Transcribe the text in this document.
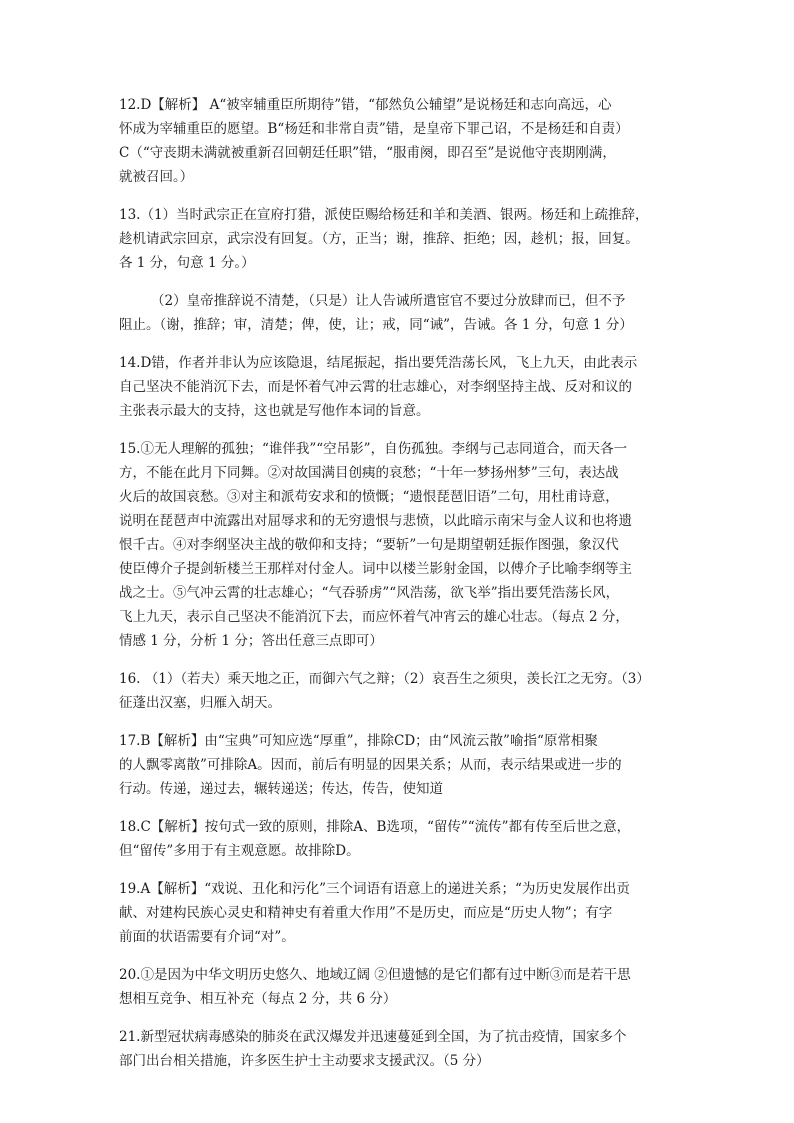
12.D【解析】 A“被宰辅重臣所期待”错，“郁然负公辅望”是说杨廷和志向高远，心
怀成为宰辅重臣的愿望。B“杨廷和非常自责”错，是皇帝下罪己诏，不是杨廷和自责）
C（“守丧期未满就被重新召回朝廷任职”错，“服甫阕，即召至”是说他守丧期刚满，
就被召回。）
13.（1）当时武宗正在宣府打猎，派使臣赐给杨廷和羊和美酒、银两。杨廷和上疏推辞，
趁机请武宗回京，武宗没有回复。（方，正当；谢，推辞、拒绝；因，趁机；报，回复。
各 1 分，句意 1 分。）
（2）皇帝推辞说不清楚，（只是）让人告诫所遣宦官不要过分放肆而已，但不予
阻止。（谢，推辞；审，清楚；俾，使，让；戒，同“诫”，告诫。各 1 分，句意 1 分）
14.D错，作者并非认为应该隐退，结尾振起，指出要凭浩荡长风，飞上九天，由此表示
自己坚决不能消沉下去，而是怀着气冲云霄的壮志雄心，对李纲坚持主战、反对和议的
主张表示最大的支持，这也就是写他作本词的旨意。
15.①无人理解的孤独；“谁伴我”“空吊影”，自伤孤独。李纲与己志同道合，而天各一
方，不能在此月下同舞。②对故国满目创痍的哀愁；“十年一梦扬州梦”三句，表达战
火后的故国哀愁。③对主和派苟安求和的愤慨；“遗恨琵琶旧语”二句，用杜甫诗意，
说明在琵琶声中流露出对屈辱求和的无穷遗恨与悲愤，以此暗示南宋与金人议和也将遗
恨千古。④对李纲坚决主战的敬仰和支持；“要斩”一句是期望朝廷振作图强，象汉代
使臣傅介子提剑斩楼兰王那样对付金人。词中以楼兰影射金国，以傅介子比喻李纲等主
战之士。⑤气冲云霄的壮志雄心；“气吞骄虏”“风浩荡，欲飞举”指出要凭浩荡长风，
飞上九天，表示自己坚决不能消沉下去，而应怀着气冲宵云的雄心壮志。（每点 2 分，
情感 1 分，分析 1 分；答出任意三点即可）
16. （1）（若夫）乘天地之正，而御六气之辩；（2）哀吾生之须臾，羡长江之无穷。（3）
征蓬出汉塞，归雁入胡天。
17.B【解析】由“宝典”可知应选“厚重”，排除CD；由“风流云散”喻指“原常相聚
的人飘零离散”可排除A。因而，前后有明显的因果关系；从而，表示结果或进一步的
行动。传递，递过去，辗转递送；传达，传告，使知道
18.C【解析】按句式一致的原则，排除A、B选项，“留传”“流传”都有传至后世之意，
但“留传”多用于有主观意愿。故排除D。
19.A【解析】“戏说、丑化和污化”三个词语有语意上的递进关系；“为历史发展作出贡
献、对建构民族心灵史和精神史有着重大作用”不是历史，而应是“历史人物”；有字
前面的状语需要有介词“对”。
20.①是因为中华文明历史悠久、地域辽阔 ②但遗憾的是它们都有过中断③而是若干思
想相互竞争、相互补充（每点 2 分，共 6 分）
21.新型冠状病毒感染的肺炎在武汉爆发并迅速蔓延到全国，为了抗击疫情，国家多个
部门出台相关措施，许多医生护士主动要求支援武汉。（5 分）
